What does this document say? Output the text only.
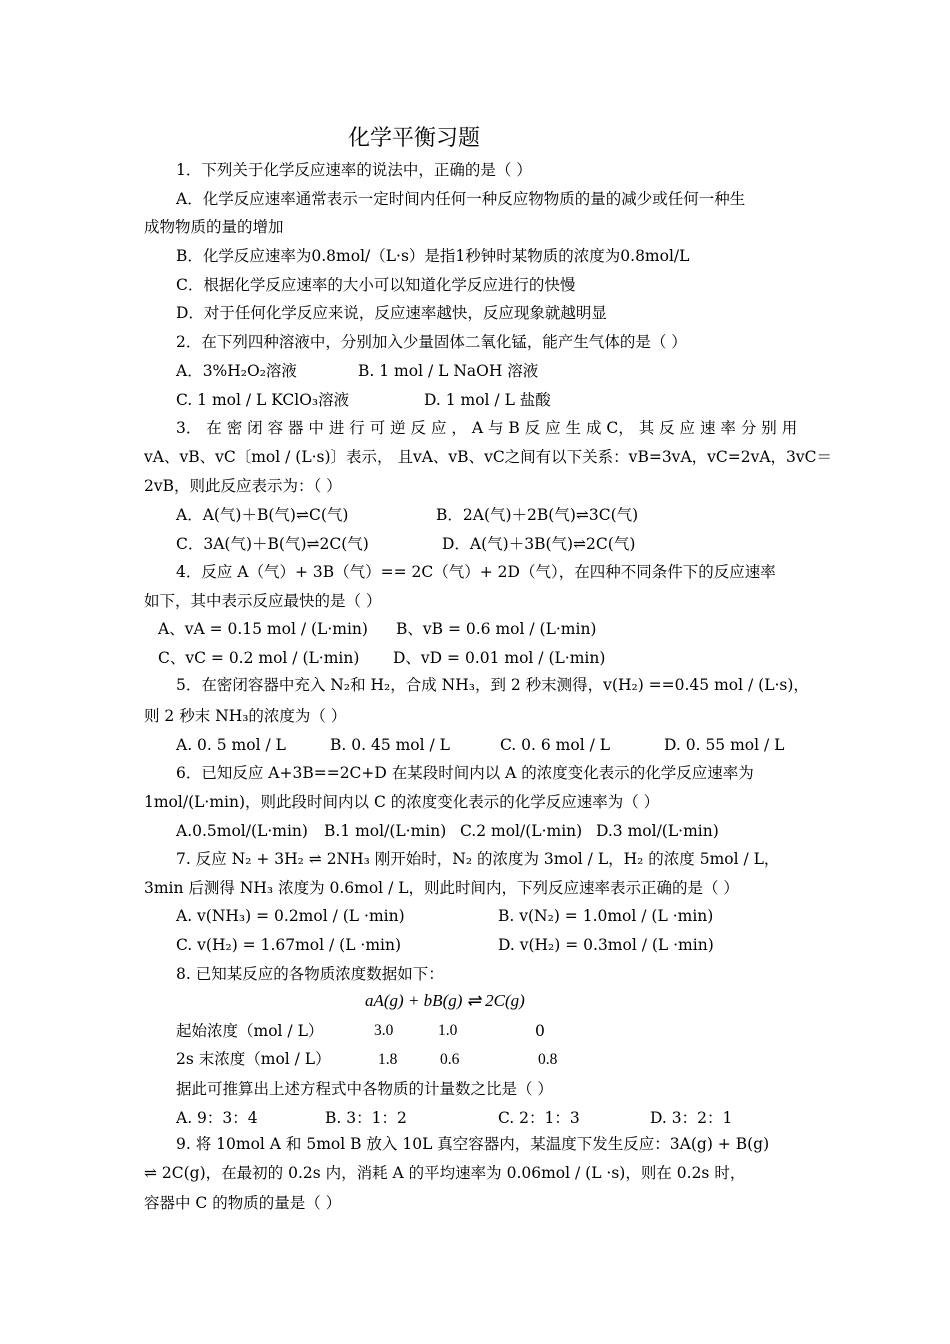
化学平衡习题
1．下列关于化学反应速率的说法中，正确的是（ ）
A．化学反应速率通常表示一定时间内任何一种反应物物质的量的减少或任何一种生
成物物质的量的增加
B．化学反应速率为0.8mol/（L·s）是指1秒钟时某物质的浓度为0.8mol/L
C．根据化学反应速率的大小可以知道化学反应进行的快慢
D．对于任何化学反应来说，反应速率越快，反应现象就越明显
2．在下列四种溶液中，分别加入少量固体二氧化锰，能产生气体的是（ ）
A．3%H₂O₂溶液	B. 1 mol / L NaOH 溶液
C. 1 mol / L KClO₃溶液	D. 1 mol / L 盐酸
3． 在 密 闭 容 器 中 进 行 可 逆 反 应 ， A 与 B 反 应 生 成 C， 其 反 应 速 率 分 别 用
vA、vB、vC〔mol / (L·s)〕表示， 且vA、vB、vC之间有以下关系：vB=3vA，vC=2vA，3vC＝
2vB，则此反应表示为：（ ）
A．A(气)＋B(气)⇌C(气)	B．2A(气)＋2B(气)⇌3C(气)
C．3A(气)＋B(气)⇌2C(气)	D．A(气)＋3B(气)⇌2C(气)
4．反应 A（气）+ 3B（气）== 2C（气）+ 2D（气），在四种不同条件下的反应速率
如下，其中表示反应最快的是（ ）
A、vA = 0.15 mol / (L·min) B、vB = 0.6 mol / (L·min)
C、vC = 0.2 mol / (L·min) D、vD = 0.01 mol / (L·min)
5．在密闭容器中充入 N₂和 H₂，合成 NH₃，到 2 秒末测得，v(H₂) ==0.45 mol / (L·s)，
则 2 秒末 NH₃的浓度为（ ）
A. 0. 5 mol / L	B. 0. 45 mol / L	C. 0. 6 mol / L	D. 0. 55 mol / L
6．已知反应 A+3B==2C+D 在某段时间内以 A 的浓度变化表示的化学反应速率为
1mol/(L·min)，则此段时间内以 C 的浓度变化表示的化学反应速率为（ ）
A.0.5mol/(L·min) B.1 mol/(L·min) C.2 mol/(L·min) D.3 mol/(L·min)
7. 反应 N₂ + 3H₂ ⇌ 2NH₃ 刚开始时，N₂ 的浓度为 3mol / L，H₂ 的浓度 5mol / L，
3min 后测得 NH₃ 浓度为 0.6mol / L，则此时间内，下列反应速率表示正确的是（ ）
A. v(NH₃) = 0.2mol / (L ·min)	B. v(N₂) = 1.0mol / (L ·min)
C. v(H₂) = 1.67mol / (L ·min)	D. v(H₂) = 0.3mol / (L ·min)
8. 已知某反应的各物质浓度数据如下：
aA(g) + bB(g) ⇌ 2C(g)
起始浓度（mol / L）	3.0	1.0	0
2s 末浓度（mol / L）	1.8	0.6	0.8
据此可推算出上述方程式中各物质的计量数之比是（ ）
A. 9：3：4	B. 3：1：2	C. 2：1：3	D. 3：2：1
9. 将 10mol A 和 5mol B 放入 10L 真空容器内，某温度下发生反应：3A(g) + B(g)
⇌ 2C(g)，在最初的 0.2s 内，消耗 A 的平均速率为 0.06mol / (L ·s)，则在 0.2s 时，
容器中 C 的物质的量是（ ）
